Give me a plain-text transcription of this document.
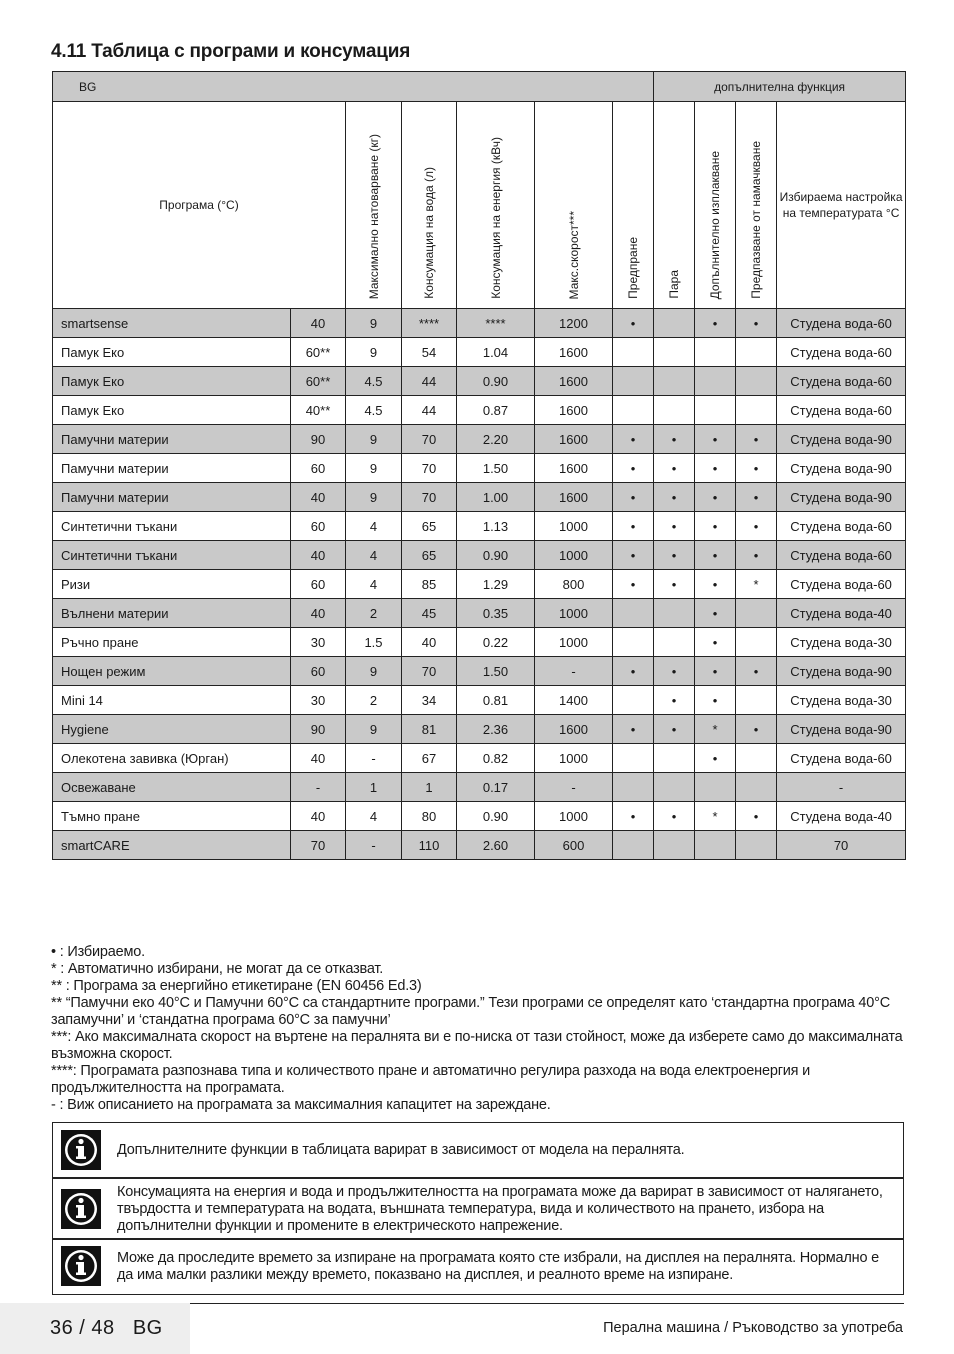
4.11 Таблица с програми и консумация
BG							допълнителна функция				
Програма (°C)		Максимално натоварване (кг)	Консумация на вода (л)	Консумация на енергия (кВч)	Макс.скорост***	Предпране	Пара	Допълнително изплакване	Предпазване от намачкване	Избираема настройка на температурата °C	
smartsense	40	9	****	****	1200	•		•	•	Студена вода-60	
Памук Еко	60**	9	54	1.04	1600					Студена вода-60	
Памук Еко	60**	4.5	44	0.90	1600					Студена вода-60	
Памук Еко	40**	4.5	44	0.87	1600					Студена вода-60	
Памучни материи	90	9	70	2.20	1600	•	•	•	•	Студена вода-90	
Памучни материи	60	9	70	1.50	1600	•	•	•	•	Студена вода-90	
Памучни материи	40	9	70	1.00	1600	•	•	•	•	Студена вода-90	
Синтетични тъкани	60	4	65	1.13	1000	•	•	•	•	Студена вода-60	
Синтетични тъкани	40	4	65	0.90	1000	•	•	•	•	Студена вода-60	
Ризи	60	4	85	1.29	800	•	•	•	*	Студена вода-60	
Вълнени материи	40	2	45	0.35	1000			•		Студена вода-40	
Ръчно пране	30	1.5	40	0.22	1000			•		Студена вода-30	
Нощен режим	60	9	70	1.50	-	•	•	•	•	Студена вода-90	
Mini 14	30	2	34	0.81	1400		•	•		Студена вода-30	
Hygiene	90	9	81	2.36	1600	•	•	*	•	Студена вода-90	
Олекотена завивка (Юрган)	40	-	67	0.82	1000			•		Студена вода-60	
Освежаване	-	1	1	0.17	-					-	
Тъмно пране	40	4	80	0.90	1000	•	•	*	•	Студена вода-40	
smartCARE	70	-	110	2.60	600					70	

• : Избираемо.

* : Автоматично избирани, не могат да се отказват.

** : Програма за енергийно етикетиране (EN 60456 Ed.3)

** “Памучни еко 40°C и Памучни 60°C са стандартните програми.” Тези програми се определят като ‘стандартна програма 40°C запамучни’ и ‘стандатна програма 60°C за памучни’

***: Ако максималната скорост на въртене на пералнята ви е по-ниска от тази стойност, може да изберете само до максималната възможна скорост.

****: Програмата разпознава типа и количеството пране и автоматично регулира разхода на вода електроенергия и продължителността на програмата.

- : Виж описанието на програмата за максималния капацитет на зареждане.

Допълнителните функции в таблицата варират в зависимост от модела на пералнята.
Консумацията на енергия и вода и продължителността на програмата може да варират в зависимост от налягането, твърдостта и температурата на водата, външната температура, вида и количеството на прането, избора на допълнителни функции и промените в електрическото напрежение.
Може да проследите времето за изпиране на програмата която сте избрали, на дисплея на пералнята. Нормално е да има малки разлики между времето, показвано на дисплея, и реалното време на изпиране.
36 / 48 BG	Перална машина / Ръководство за употреба
